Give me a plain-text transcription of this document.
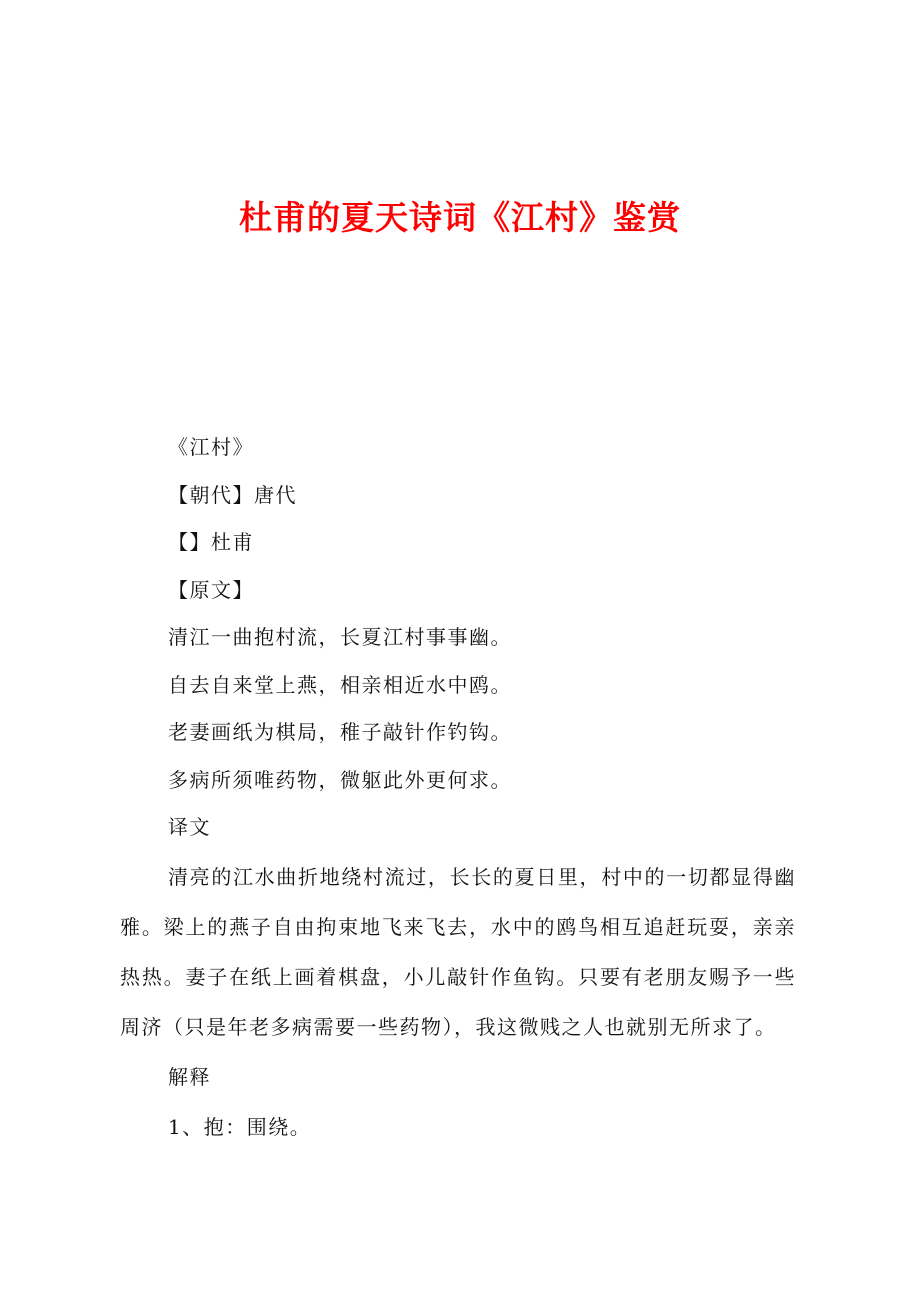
杜甫的夏天诗词《江村》鉴赏

《江村》

【朝代】唐代

【】杜甫

【原文】

清江一曲抱村流，长夏江村事事幽。

自去自来堂上燕，相亲相近水中鸥。

老妻画纸为棋局，稚子敲针作钓钩。

多病所须唯药物，微躯此外更何求。

译文

清亮的江水曲折地绕村流过，长长的夏日里，村中的一切都显得幽雅。梁上的燕子自由拘束地飞来飞去，水中的鸥鸟相互追赶玩耍，亲亲热热。妻子在纸上画着棋盘，小儿敲针作鱼钩。只要有老朋友赐予一些周济（只是年老多病需要一些药物），我这微贱之人也就别无所求了。

解释

1、抱：围绕。
